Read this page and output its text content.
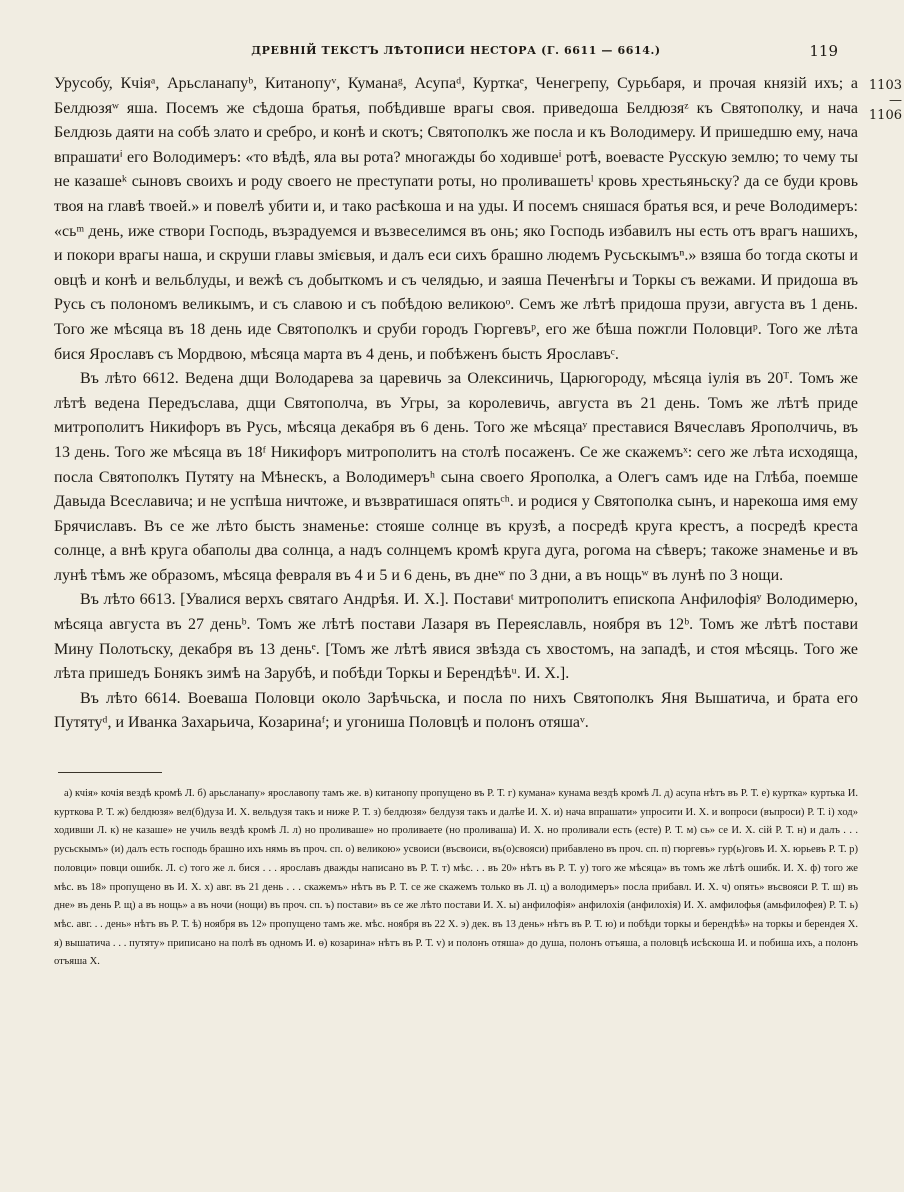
ДРЕВНІЙ ТЕКСТЪ ЛѢТОПИСИ НЕСТОРА (Г. 6611 — 6614.)	119
1103 —1106

Урусобу, Кчіяᵃ, Арьсланапуᵇ, Китанопуᵛ, Куманаᵍ, Асупаᵈ, Курткаᵉ, Ченегрепу, Сурьбаря, и прочая князій ихъ; а Белдюзяʷ яша. Посемъ же сѣдоша братья, побѣдивше врагы своя. приведоша Белдюзяᶻ къ Святополку, и нача Белдюзь даяти на собѣ злато и сребро, и конѣ и скотъ; Святополкъ же посла и къ Володимеру. И пришедшю ему, нача впрашатиⁱ его Володимеръ: «то вѣдѣ, яла вы рота? многажды бо ходившеⁱ ротѣ, воевасте Русскую землю; то чему ты не казашеᵏ сыновъ своихъ и роду своего не преступати роты, но проливашетьˡ кровь хрестьяньску? да се буди кровь твоя на главѣ твоей.» и повелѣ убити и, и тако расѣкоша и на уды. И посемъ сняшася братья вся, и рече Володимеръ: «сьᵐ день, иже створи Господь, възрадуемся и възвеселимся въ онь; яко Господь избавилъ ны есть отъ врагъ нашихъ, и покори врагы наша, и скруши главы змієвыя, и далъ еси сихъ брашно людемъ Русьскымъⁿ.» взяша бо тогда скоты и овцѣ и конѣ и вельблуды, и вежѣ съ добыткомъ и съ челядью, и заяша Печенѣгы и Торкы съ вежами. И придоша въ Русь съ полономъ великымъ, и съ славою и съ побѣдою великоюᵒ. Семъ же лѣтѣ придоша прузи, августа въ 1 день. Того же мѣсяца въ 18 день иде Святополкъ и сруби городъ Гюргевъᵖ, его же бѣша пожгли Половциᵖ. Того же лѣта бися Ярославъ съ Мордвою, мѣсяца марта въ 4 день, и побѣженъ бысть Ярославъᶜ.

Въ лѣто 6612. Ведена дщи Володарева за царевичь за Олексиничь, Царюгороду, мѣсяца іулія въ 20ᵀ. Томъ же лѣтѣ ведена Передъслава, дщи Святополча, въ Угры, за королевичь, августа въ 21 день. Томъ же лѣтѣ приде митрополитъ Никифоръ въ Русь, мѣсяца декабря въ 6 день. Того же мѣсяцаʸ преставися Вячеславъ Ярополчичь, въ 13 день. Того же мѣсяца въ 18ᶠ Никифоръ митрополитъ на столѣ посаженъ. Се же скажемъˣ: сего же лѣта исходяща, посла Святополкъ Путяту на Мѣнескъ, а Володимеръʰ сына своего Ярополка, а Олегъ самъ иде на Глѣба, поемше Давыда Всеславича; и не успѣша ничтоже, и възвратишася опятьᶜʰ. и родися у Святополка сынъ, и нарекоша имя ему Брячиславъ. Въ се же лѣто бысть знаменье: стояше солнце въ крузѣ, а посредѣ круга крестъ, а посредѣ креста солнце, а внѣ круга обаполы два солнца, а надъ солнцемъ кромѣ круга дуга, рогома на сѣверъ; такоже знаменье и въ лунѣ тѣмъ же образомъ, мѣсяца февраля въ 4 и 5 и 6 день, въ днеʷ по 3 дни, а въ нощьʷ въ лунѣ по 3 нощи.

Въ лѣто 6613. [Увалися верхъ святаго Андрѣя. И. Х.]. Поставиᵗ митрополитъ епископа Анфилофіяʸ Володимерю, мѣсяца августа въ 27 деньᵇ. Томъ же лѣтѣ постави Лазаря въ Переяславль, ноября въ 12ᵇ. Томъ же лѣтѣ постави Мину Полотьску, декабря въ 13 деньᵉ. [Томъ же лѣтѣ явися звѣзда съ хвостомъ, на западѣ, и стоя мѣсяць. Того же лѣта пришедъ Бонякъ зимѣ на Зарубѣ, и побѣди Торкы и Берендѣѣᵘ. И. Х.].

Въ лѣто 6614. Воеваша Половци около Зарѣчьска, и посла по нихъ Святополкъ Яня Вышатича, и брата его Путятуᵈ, и Иванка Захарьича, Козаринаᶠ; и угониша Половцѣ и полонъ отяшаᵛ.

а) кчія» кочія вездѣ кромѣ Л. б) арьсланапу» ярославопу тамъ же. в) китанопу пропущено въ Р. Т. г) кумана» кунама вездѣ кромѣ Л. д) асупа нѣтъ въ Р. Т. е) куртка» куртька И. курткова Р. Т. ж) белдюзя» вел(б)дуза И. Х. вельдузя такъ и ниже Р. Т. з) белдюзя» белдузя такъ и далѣе И. Х. и) нача впрашати» упросити И. Х. и вопроси (въпроси) Р. Т. і) ход» ходивши Л. к) не казаше» не училь вездѣ кромѣ Л. л) но проливаше» но проливаете (но проливаша) И. Х. но проливали есть (есте) Р. Т. м) сь» се И. Х. сій Р. Т. н) и далъ . . . русьскымъ» (и) далъ есть господь брашно ихъ нямь въ проч. сп. о) великою» усвоиси (въсвоиси, въ(о)свояси) прибавлено въ проч. сп. п) гюргевъ» гур(ь)говъ И. Х. юрьевъ Р. Т. р) половци» повци ошибк. Л. с) того же л. бися . . . ярославъ дважды написано въ Р. Т. т) мѣс. . . въ 20» нѣтъ въ Р. Т. у) того же мѣсяца» въ томъ же лѣтѣ ошибк. И. Х. ф) того же мѣс. въ 18» пропущено въ И. Х. х) авг. въ 21 день . . . скажемъ» нѣтъ въ Р. Т. се же скажемъ только въ Л. ц) а володимеръ» посла прибавл. И. Х. ч) опять» въсвояси Р. Т. ш) въ дне» въ день Р. щ) а въ нощь» а въ ночи (нощи) въ проч. сп. ъ) постави» въ се же лѣто постави И. Х. ы) анфилофія» анфилохія (анфилохія) И. Х. амфилофья (амьфилофея) Р. Т. ь) мѣс. авг. . . день» нѣтъ въ Р. Т. ѣ) ноября въ 12» пропущено тамъ же. мѣс. ноября въ 22 Х. э) дек. въ 13 день» нѣтъ въ Р. Т. ю) и побѣди торкы и берендѣѣ» на торкы и берендея Х. я) вышатича . . . путяту» приписано на полѣ въ одномъ И. ѳ) козарина» нѣтъ въ Р. Т. v) и полонъ отяша» до душа, полонъ отъяша, а половцѣ исѣскоша И. и побиша ихъ, а полонъ отъяша Х.
